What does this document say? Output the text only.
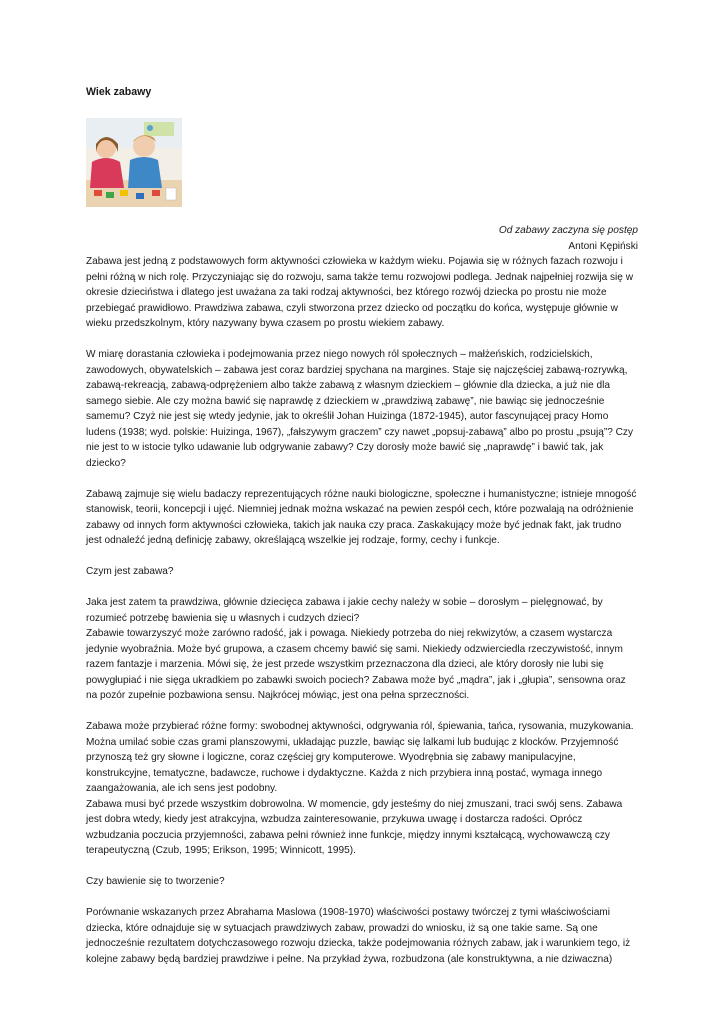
Wiek zabawy
Od zabawy zaczyna się postęp
Antoni Kępiński

Zabawa jest jedną z podstawowych form aktywności człowieka w każdym wieku. Pojawia się w różnych fazach rozwoju i pełni różną w nich rolę. Przyczyniając się do rozwoju, sama także temu rozwojowi podlega. Jednak najpełniej rozwija się w okresie dzieciństwa i dlatego jest uważana za taki rodzaj aktywności, bez którego rozwój dziecka po prostu nie może przebiegać prawidłowo. Prawdziwa zabawa, czyli stworzona przez dziecko od początku do końca, występuje głównie w wieku przedszkolnym, który nazywany bywa czasem po prostu wiekiem zabawy.

W miarę dorastania człowieka i podejmowania przez niego nowych ról społecznych – małżeńskich, rodzicielskich, zawodowych, obywatelskich – zabawa jest coraz bardziej spychana na margines. Staje się najczęściej zabawą-rozrywką, zabawą-rekreacją, zabawą-odprężeniem albo także zabawą z własnym dzieckiem – głównie dla dziecka, a już nie dla samego siebie. Ale czy można bawić się naprawdę z dzieckiem w „prawdziwą zabawę”, nie bawiąc się jednocześnie samemu? Czyż nie jest się wtedy jedynie, jak to określił Johan Huizinga (1872-1945), autor fascynującej pracy Homo ludens (1938; wyd. polskie: Huizinga, 1967), „fałszywym graczem” czy nawet „popsuj-zabawą” albo po prostu „psują”? Czy nie jest to w istocie tylko udawanie lub odgrywanie zabawy? Czy dorosły może bawić się „naprawdę” i bawić tak, jak dziecko?

Zabawą zajmuje się wielu badaczy reprezentujących różne nauki biologiczne, społeczne i humanistyczne; istnieje mnogość stanowisk, teorii, koncepcji i ujęć. Niemniej jednak można wskazać na pewien zespół cech, które pozwalają na odróżnienie zabawy od innych form aktywności człowieka, takich jak nauka czy praca. Zaskakujący może być jednak fakt, jak trudno jest odnaleźć jedną definicję zabawy, określającą wszelkie jej rodzaje, formy, cechy i funkcje.

Czym jest zabawa?

Jaka jest zatem ta prawdziwa, głównie dziecięca zabawa i jakie cechy należy w sobie – dorosłym – pielęgnować, by rozumieć potrzebę bawienia się u własnych i cudzych dzieci?

Zabawie towarzyszyć może zarówno radość, jak i powaga. Niekiedy potrzeba do niej rekwizytów, a czasem wystarcza jedynie wyobraźnia. Może być grupowa, a czasem chcemy bawić się sami. Niekiedy odzwierciedla rzeczywistość, innym razem fantazje i marzenia. Mówi się, że jest przede wszystkim przeznaczona dla dzieci, ale który dorosły nie lubi się powygłupiać i nie sięga ukradkiem po zabawki swoich pociech? Zabawa może być „mądra”, jak i „głupia”, sensowna oraz na pozór zupełnie pozbawiona sensu. Najkrócej mówiąc, jest ona pełna sprzeczności.

Zabawa może przybierać różne formy: swobodnej aktywności, odgrywania ról, śpiewania, tańca, rysowania, muzykowania. Można umilać sobie czas grami planszowymi, układając puzzle, bawiąc się lalkami lub budując z klocków. Przyjemność przynoszą też gry słowne i logiczne, coraz częściej gry komputerowe. Wyodrębnia się zabawy manipulacyjne, konstrukcyjne, tematyczne, badawcze, ruchowe i dydaktyczne. Każda z nich przybiera inną postać, wymaga innego zaangażowania, ale ich sens jest podobny.

Zabawa musi być przede wszystkim dobrowolna. W momencie, gdy jesteśmy do niej zmuszani, traci swój sens. Zabawa jest dobra wtedy, kiedy jest atrakcyjna, wzbudza zainteresowanie, przykuwa uwagę i dostarcza radości. Oprócz wzbudzania poczucia przyjemności, zabawa pełni również inne funkcje, między innymi kształcącą, wychowawczą czy terapeutyczną (Czub, 1995; Erikson, 1995; Winnicott, 1995).

Czy bawienie się to tworzenie?

Porównanie wskazanych przez Abrahama Maslowa (1908-1970) właściwości postawy twórczej z tymi właściwościami dziecka, które odnajduje się w sytuacjach prawdziwych zabaw, prowadzi do wniosku, iż są one takie same. Są one jednocześnie rezultatem dotychczasowego rozwoju dziecka, także podejmowania różnych zabaw, jak i warunkiem tego, iż kolejne zabawy będą bardziej prawdziwe i pełne. Na przykład żywa, rozbudzona (ale konstruktywna, a nie dziwaczna)
